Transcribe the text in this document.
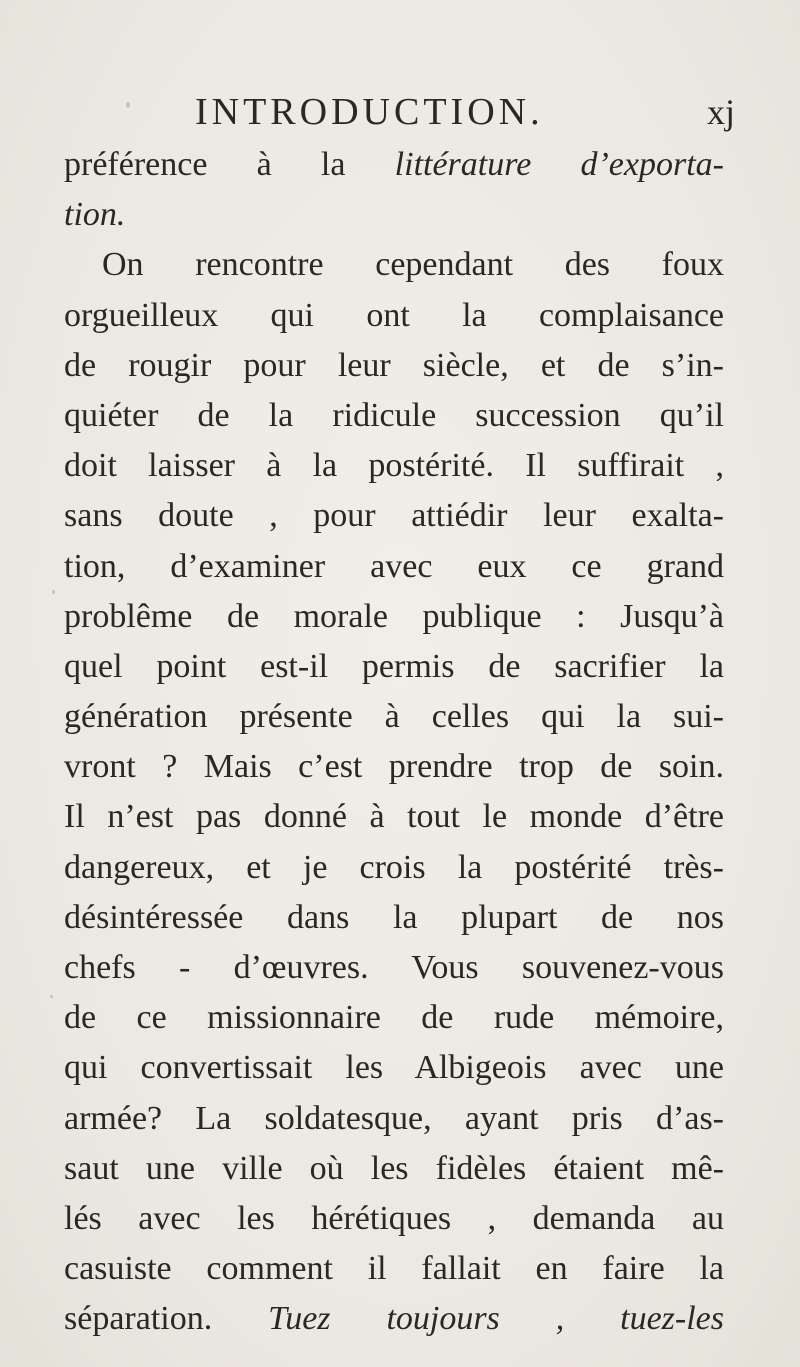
INTRODUCTION.	xj
préférence à la littérature d’exporta-
tion.
On rencontre cependant des foux
orgueilleux qui ont la complaisance
de rougir pour leur siècle, et de s’in-
quiéter de la ridicule succession qu’il
doit laisser à la postérité. Il suffirait ,
sans doute , pour attiédir leur exalta-
tion, d’examiner avec eux ce grand
problême de morale publique : Jusqu’à
quel point est-il permis de sacrifier la
génération présente à celles qui la sui-
vront ? Mais c’est prendre trop de soin.
Il n’est pas donné à tout le monde d’être
dangereux, et je crois la postérité très-
désintéressée dans la plupart de nos
chefs - d’œuvres. Vous souvenez-vous
de ce missionnaire de rude mémoire,
qui convertissait les Albigeois avec une
armée? La soldatesque, ayant pris d’as-
saut une ville où les fidèles étaient mê-
lés avec les hérétiques , demanda au
casuiste comment il fallait en faire la
séparation. Tuez toujours , tuez-les
